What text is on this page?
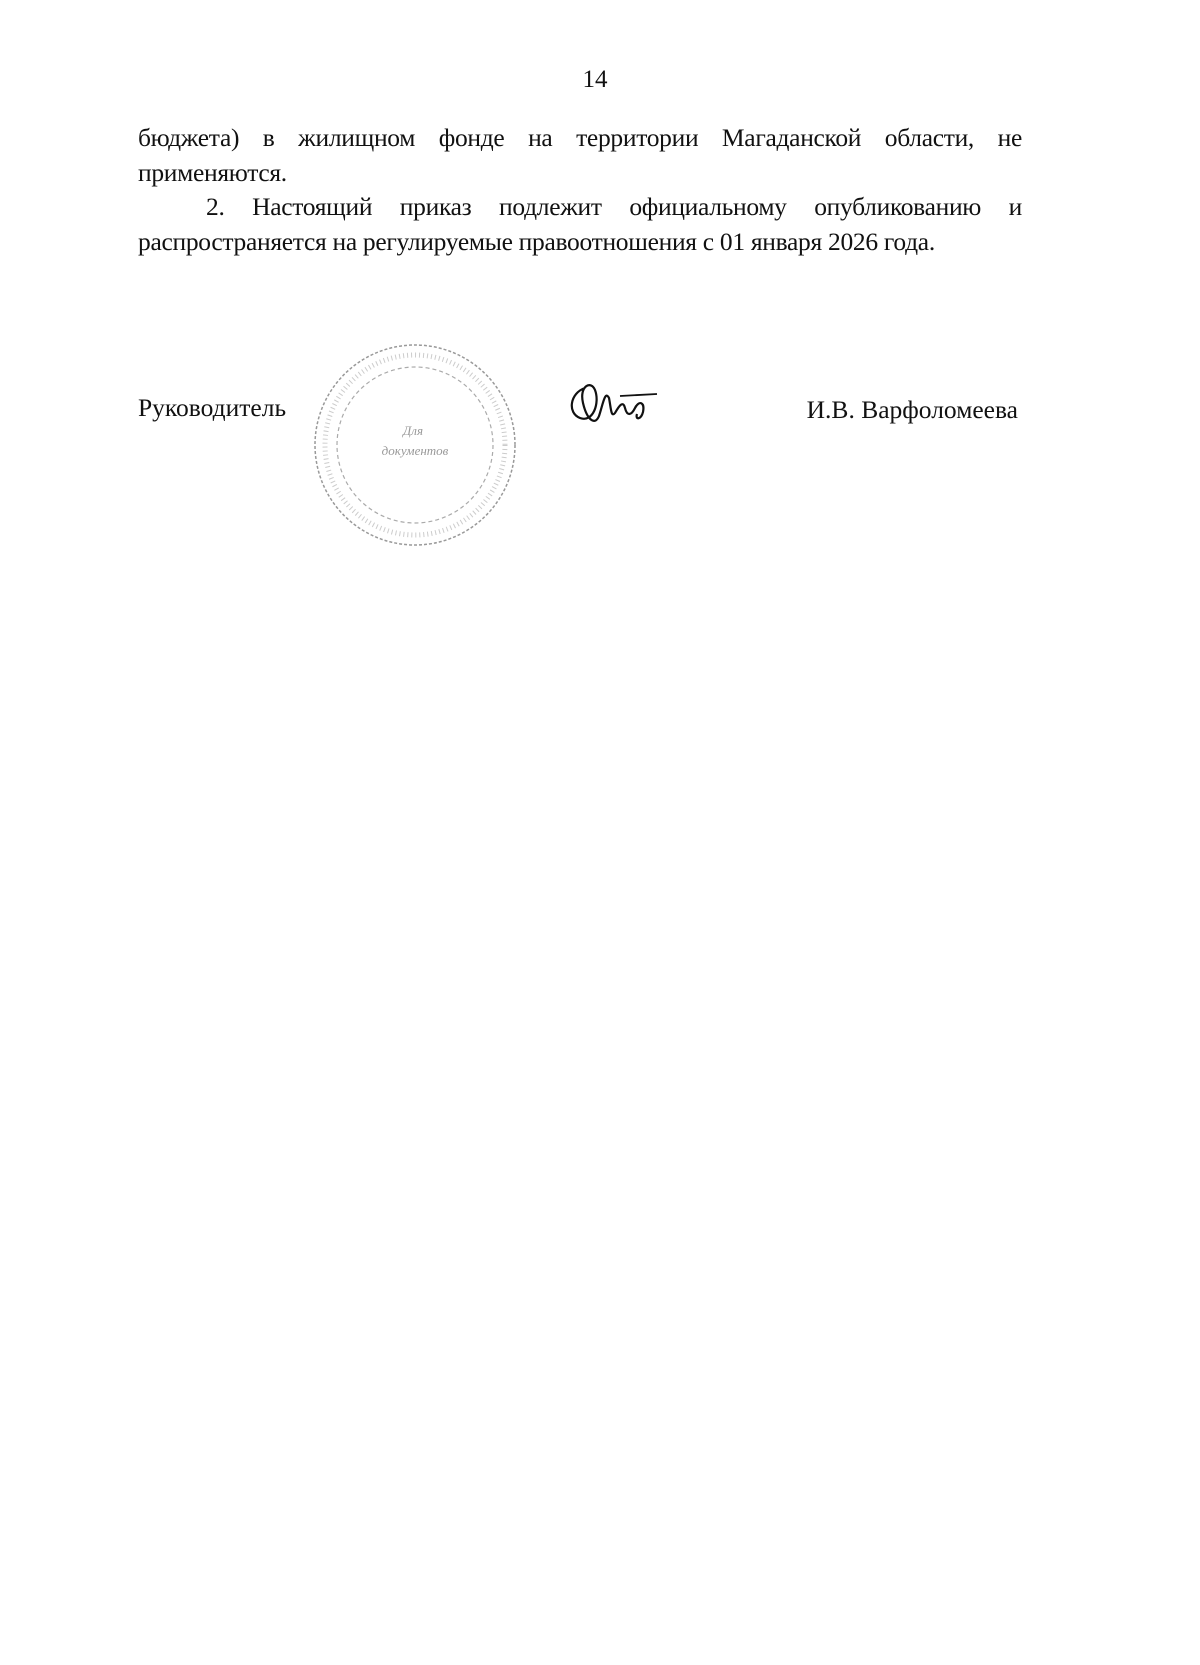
14

бюджета) в жилищном фонде на территории Магаданской области, не применяются.

2. Настоящий приказ подлежит официальному опубликованию и распространяется на регулируемые правоотношения с 01 января 2026 года.

Руководитель
Для
документов
И.В. Варфоломеева
